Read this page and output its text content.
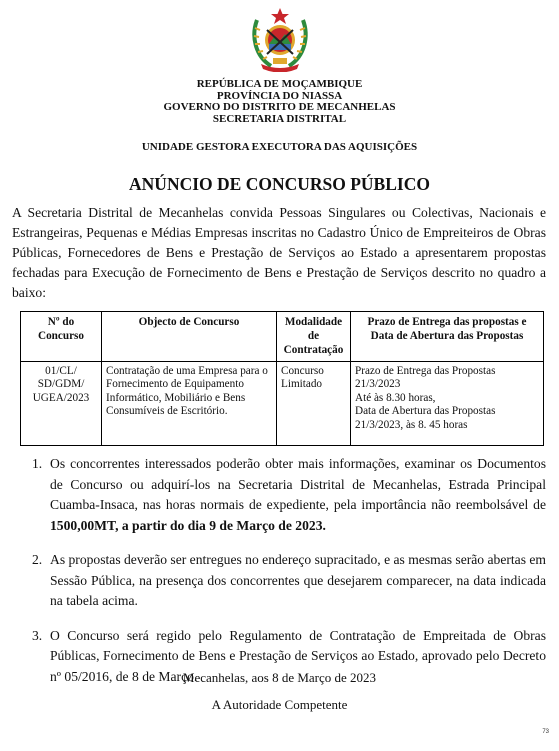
REPÚBLICA DE MOÇAMBIQUE
PROVÍNCIA DO NIASSA
GOVERNO DO DISTRITO DE MECANHELAS
SECRETARIA DISTRITAL
UNIDADE GESTORA EXECUTORA DAS AQUISIÇÕES
ANÚNCIO DE CONCURSO PÚBLICO
A Secretaria Distrital de Mecanhelas convida Pessoas Singulares ou Colectivas, Nacionais e Estrangeiras, Pequenas e Médias Empresas inscritas no Cadastro Único de Empreiteiros de Obras Públicas, Fornecedores de Bens e Prestação de Serviços ao Estado a apresentarem propostas fechadas para Execução de Fornecimento de Bens e Prestação de Serviços descrito no quadro a baixo:
Nº do Concurso	Objecto de Concurso	Modalidade de Contratação	Prazo de Entrega das propostas e Data de Abertura das Propostas
01/CL/ SD/GDM/ UGEA/2023	Contratação de uma Empresa para o Fornecimento de Equipamento Informático, Mobiliário e Bens Consumíveis de Escritório.	Concurso Limitado	Prazo de Entrega das Propostas
21/3/2023
Até às 8.30 horas,
Data de Abertura das Propostas
21/3/2023, às 8. 45 horas
1. Os concorrentes interessados poderão obter mais informações, examinar os Documentos de Concurso ou adquirí-los na Secretaria Distrital de Mecanhelas, Estrada Principal Cuamba-Insaca, nas horas normais de expediente, pela importância não reembolsável de 1500,00MT, a partir do dia 9 de Março de 2023.
2. As propostas deverão ser entregues no endereço supracitado, e as mesmas serão abertas em Sessão Pública, na presença dos concorrentes que desejarem comparecer, na data indicada na tabela acima.
3. O Concurso será regido pelo Regulamento de Contratação de Empreitada de Obras Públicas, Fornecimento de Bens e Prestação de Serviços ao Estado, aprovado pelo Decreto nº 05/2016, de 8 de Março.
Mecanhelas, aos 8 de Março de 2023
A Autoridade Competente
73
